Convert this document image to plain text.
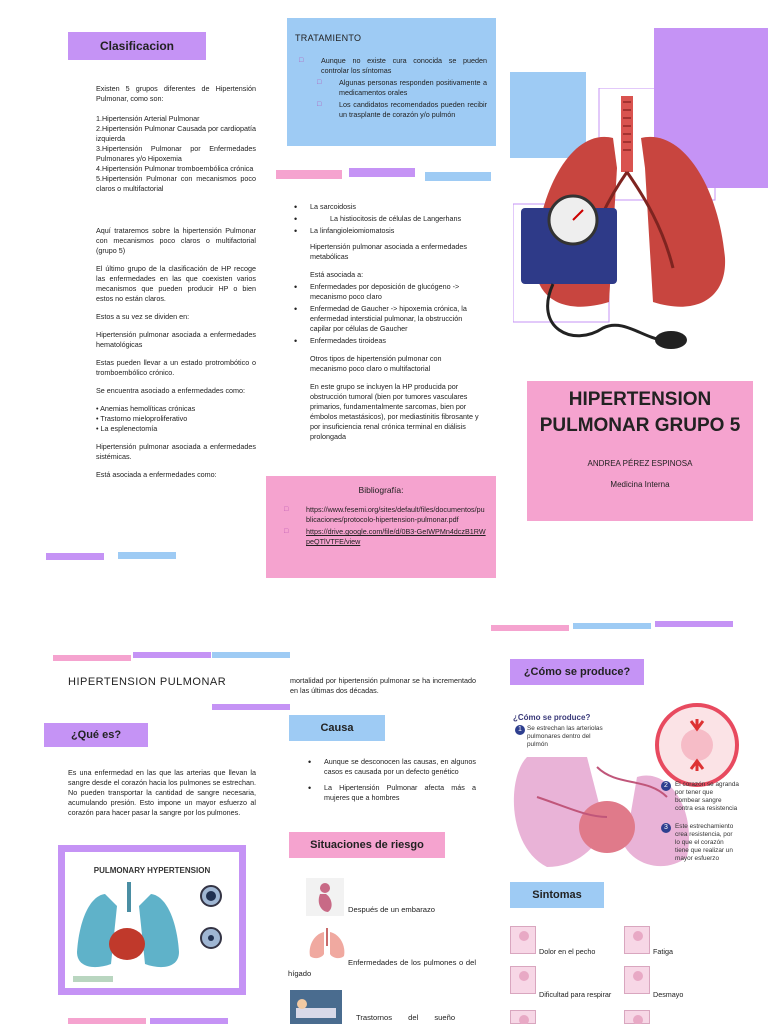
Clasificacion
Existen 5 grupos diferentes de Hipertensión Pulmonar, como son:
1.Hipertensión Arterial Pulmonar
2.Hipertensión Pulmonar Causada por cardiopatía izquierda
3.Hipertensión Pulmonar por Enfermedades Pulmonares y/o Hipoxemia
4.Hipertensión Pulmonar tromboembólica crónica
5.Hipertensión Pulmonar con mecanismos poco claros o multifactorial

Aquí trataremos sobre la hipertensión Pulmonar con mecanismos poco claros o multifactorial (grupo 5)

El último grupo de la clasificación de HP recoge las enfermedades en las que coexisten varios mecanismos que pueden producir HP o bien estos no están claros.

Estos a su vez se dividen en:

Hipertensión pulmonar asociada a enfermedades hematológicas

Estas pueden llevar a un estado protrombótico o tromboembólico crónico.

Se encuentra asociado a enfermedades como:

• Anemias hemolíticas crónicas
• Trastorno mieloproliferativo
• La esplenectomía

Hipertensión pulmonar asociada a enfermedades sistémicas.

Está asociada a enfermedades como:

TRATAMIENTO
□ Aunque no existe cura conocida se pueden controlar los síntomas
□ Algunas personas responden positivamente a medicamentos orales
□ Los candidatos recomendados pueden recibir un trasplante de corazón y/o pulmón
• La sarcoidosis
• La histiocitosis de células de Langerhans
• La linfangioleiomiomatosis

Hipertensión pulmonar asociada a enfermedades metabólicas

Está asociada a:

• Enfermedades por deposición de glucógeno -> mecanismo poco claro
• Enfermedad de Gaucher -> hipoxemia crónica, la enfermedad intersticial pulmonar, la obstrucción capilar por células de Gaucher
• Enfermedades tiroideas

Otros tipos de hipertensión pulmonar con mecanismo poco claro o multifactorial

En este grupo se incluyen la HP producida por obstrucción tumoral (bien por tumores vasculares primarios, fundamentalmente sarcomas, bien por émbolos metastásicos), por mediastinitis fibrosante y por insuficiencia renal crónica terminal en diálisis prolongada

Bibliografía:
□ https://www.fesemi.org/sites/default/files/documentos/publicaciones/protocolo-hipertension-pulmonar.pdf
□ https://drive.google.com/file/d/0B3-GeIWPMn4dczB1RWpeQTlVTFE/view
HIPERTENSION PULMONAR GRUPO 5
ANDREA PÉREZ ESPINOSA
Medicina Interna
HIPERTENSION PULMONAR
¿Qué es?
Es una enfermedad en las que las arterias que llevan la sangre desde el corazón hacia los pulmones se estrechan. No pueden transportar la cantidad de sangre necesaria, acumulando presión. Esto impone un mayor esfuerzo al corazón para hacer pasar la sangre por los pulmones.
PULMONARY HYPERTENSION
mortalidad por hipertensión pulmonar se ha incrementado en las últimas dos décadas.
Causa
• Aunque se desconocen las causas, en algunos casos es causada por un defecto genético
• La Hipertensión Pulmonar afecta más a mujeres que a hombres
Situaciones de riesgo
Después de un embarazo
Enfermedades de los pulmones o del hígado
Trastornos del sueño
¿Cómo se produce?
¿Cómo se produce?
1 Se estrechan las arteriolas pulmonares dentro del pulmón
2	El corazón se agranda por tener que bombear sangre contra esa resistencia
3	Este estrechamiento crea resistencia, por lo que el corazón tiene que realizar un mayor esfuerzo
Sintomas
Dolor en el pecho	Fatiga
Dificultad para respirar	Desmayo
